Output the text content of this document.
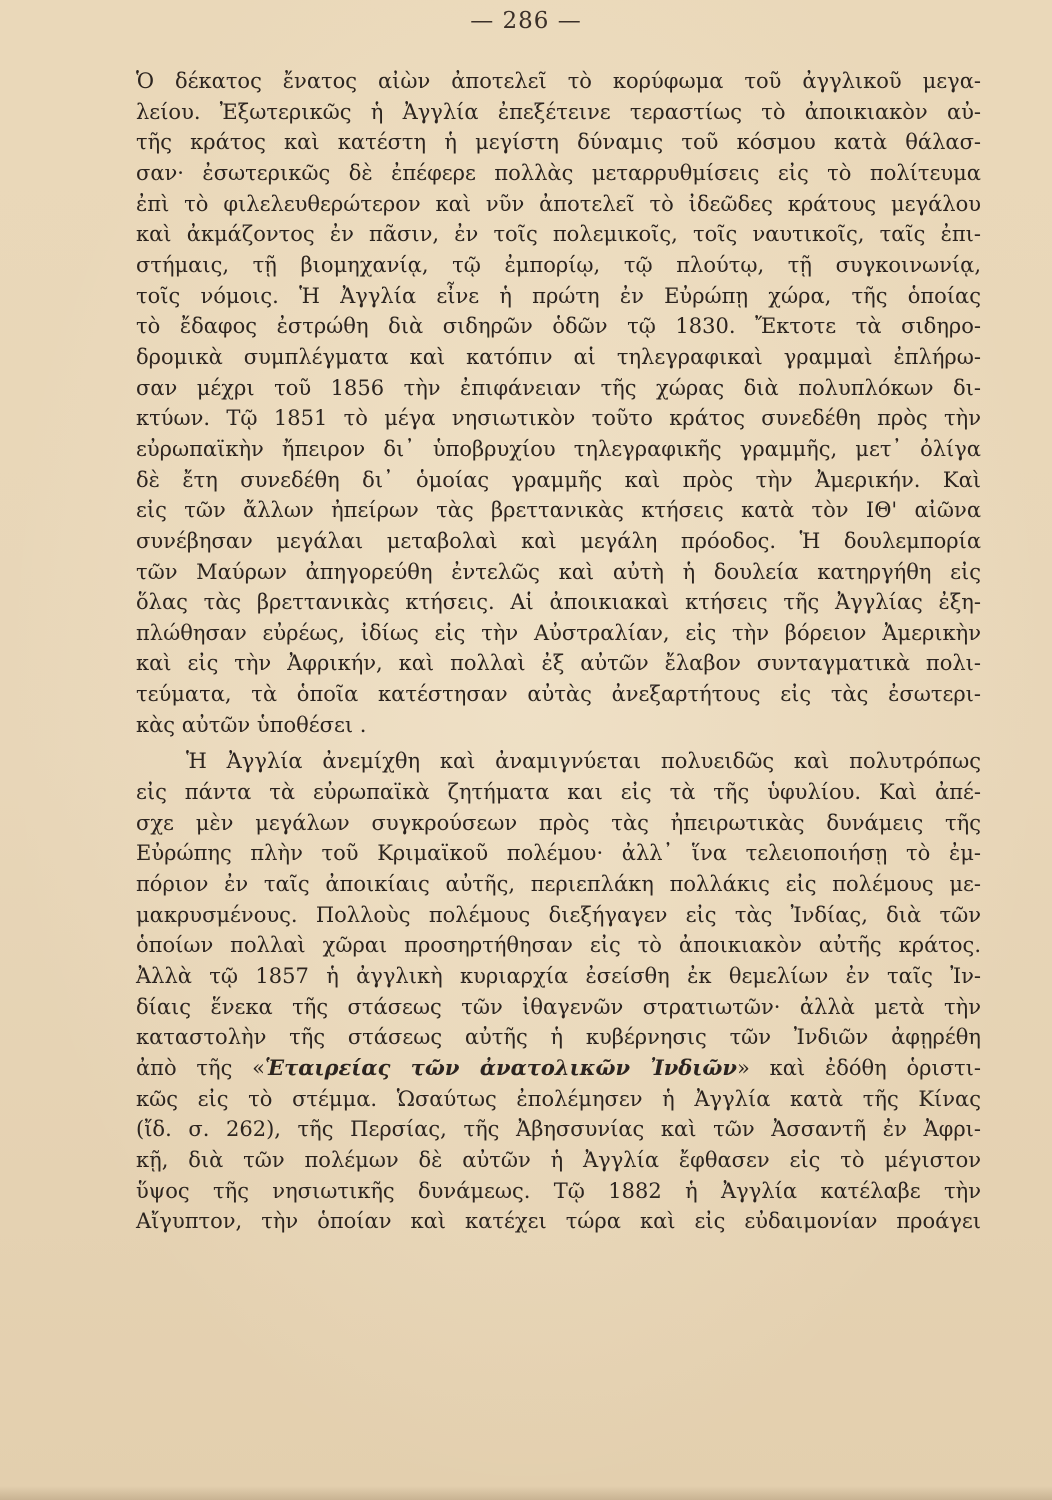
— 286 —
Ὁ δέκατος ἔνατος αἰὼν ἀποτελεῖ τὸ κορύφωμα τοῦ ἀγγλικοῦ μεγα-
λείου. Ἐξωτερικῶς ἡ Ἀγγλία ἐπεξέτεινε τεραστίως τὸ ἀποικιακὸν αὐ-
τῆς κράτος καὶ κατέστη ἡ μεγίστη δύναμις τοῦ κόσμου κατὰ θάλασ-
σαν· ἐσωτερικῶς δὲ ἐπέφερε πολλὰς μεταρρυθμίσεις εἰς τὸ πολίτευμα
ἐπὶ τὸ φιλελευθερώτερον καὶ νῦν ἀποτελεῖ τὸ ἰδεῶδες κράτους μεγάλου
καὶ ἀκμάζοντος ἐν πᾶσιν, ἐν τοῖς πολεμικοῖς, τοῖς ναυτικοῖς, ταῖς ἐπι-
στήμαις, τῇ βιομηχανίᾳ, τῷ ἐμπορίῳ, τῷ πλούτῳ, τῇ συγκοινωνίᾳ,
τοῖς νόμοις. Ἡ Ἀγγλία εἶνε ἡ πρώτη ἐν Εὐρώπῃ χώρα, τῆς ὁποίας
τὸ ἔδαφος ἐστρώθη διὰ σιδηρῶν ὁδῶν τῷ 1830. Ἔκτοτε τὰ σιδηρο-
δρομικὰ συμπλέγματα καὶ κατόπιν αἱ τηλεγραφικαὶ γραμμαὶ ἐπλήρω-
σαν μέχρι τοῦ 1856 τὴν ἐπιφάνειαν τῆς χώρας διὰ πολυπλόκων δι-
κτύων. Τῷ 1851 τὸ μέγα νησιωτικὸν τοῦτο κράτος συνεδέθη πρὸς τὴν
εὐρωπαϊκὴν ἤπειρον δι᾽ ὑποβρυχίου τηλεγραφικῆς γραμμῆς, μετ᾽ ὀλίγα
δὲ ἔτη συνεδέθη δι᾽ ὁμοίας γραμμῆς καὶ πρὸς τὴν Ἀμερικήν. Καὶ
εἰς τῶν ἄλλων ἠπείρων τὰς βρεττανικὰς κτήσεις κατὰ τὸν ΙΘ' αἰῶνα
συνέβησαν μεγάλαι μεταβολαὶ καὶ μεγάλη πρόοδος. Ἡ δουλεμπορία
τῶν Μαύρων ἀπηγορεύθη ἐντελῶς καὶ αὐτὴ ἡ δουλεία κατηργήθη εἰς
ὅλας τὰς βρεττανικὰς κτήσεις. Αἱ ἀποικιακαὶ κτήσεις τῆς Ἀγγλίας ἐξη-
πλώθησαν εὐρέως, ἰδίως εἰς τὴν Αὐστραλίαν, εἰς τὴν βόρειον Ἀμερικὴν
καὶ εἰς τὴν Ἀφρικήν, καὶ πολλαὶ ἐξ αὐτῶν ἔλαβον συνταγματικὰ πολι-
τεύματα, τὰ ὁποῖα κατέστησαν αὐτὰς ἀνεξαρτήτους εἰς τὰς ἐσωτερι-
κὰς αὐτῶν ὑποθέσει .
Ἡ Ἀγγλία ἀνεμίχθη καὶ ἀναμιγνύεται πολυειδῶς καὶ πολυτρόπως
εἰς πάντα τὰ εὐρωπαϊκὰ ζητήματα και εἰς τὰ τῆς ὑφυλίου. Καὶ ἀπέ-
σχε μὲν μεγάλων συγκρούσεων πρὸς τὰς ἠπειρωτικὰς δυνάμεις τῆς
Εὐρώπης πλὴν τοῦ Κριμαϊκοῦ πολέμου· ἀλλ᾽ ἵνα τελειοποιήσῃ τὸ ἐμ-
πόριον ἐν ταῖς ἀποικίαις αὐτῆς, περιεπλάκη πολλάκις εἰς πολέμους με-
μακρυσμένους. Πολλοὺς πολέμους διεξήγαγεν εἰς τὰς Ἰνδίας, διὰ τῶν
ὁποίων πολλαὶ χῶραι προσηρτήθησαν εἰς τὸ ἀποικιακὸν αὐτῆς κράτος.
Ἀλλὰ τῷ 1857 ἡ ἀγγλικὴ κυριαρχία ἐσείσθη ἐκ θεμελίων ἐν ταῖς Ἰν-
δίαις ἕνεκα τῆς στάσεως τῶν ἰθαγενῶν στρατιωτῶν· ἀλλὰ μετὰ τὴν
καταστολὴν τῆς στάσεως αὐτῆς ἡ κυβέρνησις τῶν Ἰνδιῶν ἀφῃρέθη
ἀπὸ τῆς «Ἑταιρείας τῶν ἀνατολικῶν Ἰνδιῶν» καὶ ἐδόθη ὁριστι-
κῶς εἰς τὸ στέμμα. Ὡσαύτως ἐπολέμησεν ἡ Ἀγγλία κατὰ τῆς Κίνας
(ἴδ. σ. 262), τῆς Περσίας, τῆς Ἀβησσυνίας καὶ τῶν Ἀσσαντῆ ἐν Ἀφρι-
κῇ, διὰ τῶν πολέμων δὲ αὐτῶν ἡ Ἀγγλία ἔφθασεν εἰς τὸ μέγιστον
ὕψος τῆς νησιωτικῆς δυνάμεως. Τῷ 1882 ἡ Ἀγγλία κατέλαβε τὴν
Αἴγυπτον, τὴν ὁποίαν καὶ κατέχει τώρα καὶ εἰς εὐδαιμονίαν προάγει
